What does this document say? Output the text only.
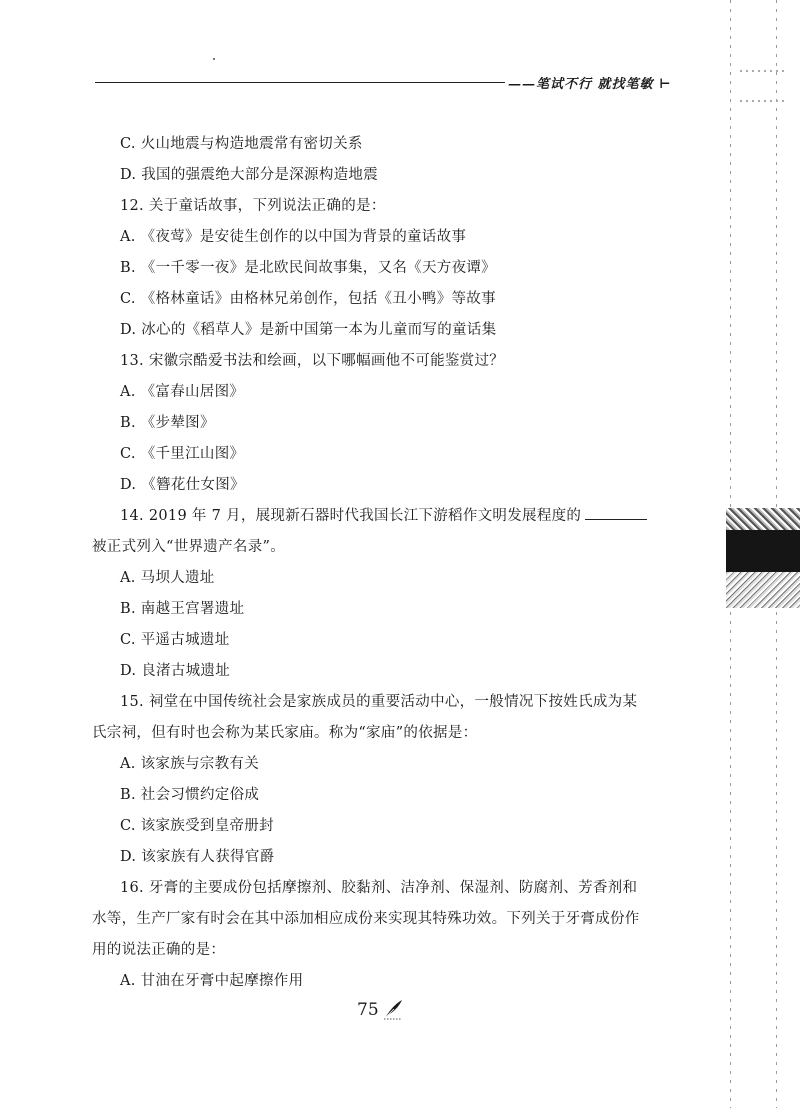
——笔试不行 就找笔敏 ⊢
C. 火山地震与构造地震常有密切关系
D. 我国的强震绝大部分是深源构造地震
12. 关于童话故事，下列说法正确的是：
A. 《夜莺》是安徒生创作的以中国为背景的童话故事
B. 《一千零一夜》是北欧民间故事集，又名《天方夜谭》
C. 《格林童话》由格林兄弟创作，包括《丑小鸭》等故事
D. 冰心的《稻草人》是新中国第一本为儿童而写的童话集
13. 宋徽宗酷爱书法和绘画，以下哪幅画他不可能鉴赏过？
A. 《富春山居图》
B. 《步辇图》
C. 《千里江山图》
D. 《簪花仕女图》
14. 2019 年 7 月，展现新石器时代我国长江下游稻作文明发展程度的
被正式列入“世界遗产名录”。
A. 马坝人遗址
B. 南越王宫署遗址
C. 平遥古城遗址
D. 良渚古城遗址
15. 祠堂在中国传统社会是家族成员的重要活动中心，一般情况下按姓氏成为某
氏宗祠，但有时也会称为某氏家庙。称为“家庙”的依据是：
A. 该家族与宗教有关
B. 社会习惯约定俗成
C. 该家族受到皇帝册封
D. 该家族有人获得官爵
16. 牙膏的主要成份包括摩擦剂、胶黏剂、洁净剂、保湿剂、防腐剂、芳香剂和
水等，生产厂家有时会在其中添加相应成份来实现其特殊功效。下列关于牙膏成份作
用的说法正确的是：
A. 甘油在牙膏中起摩擦作用
75
